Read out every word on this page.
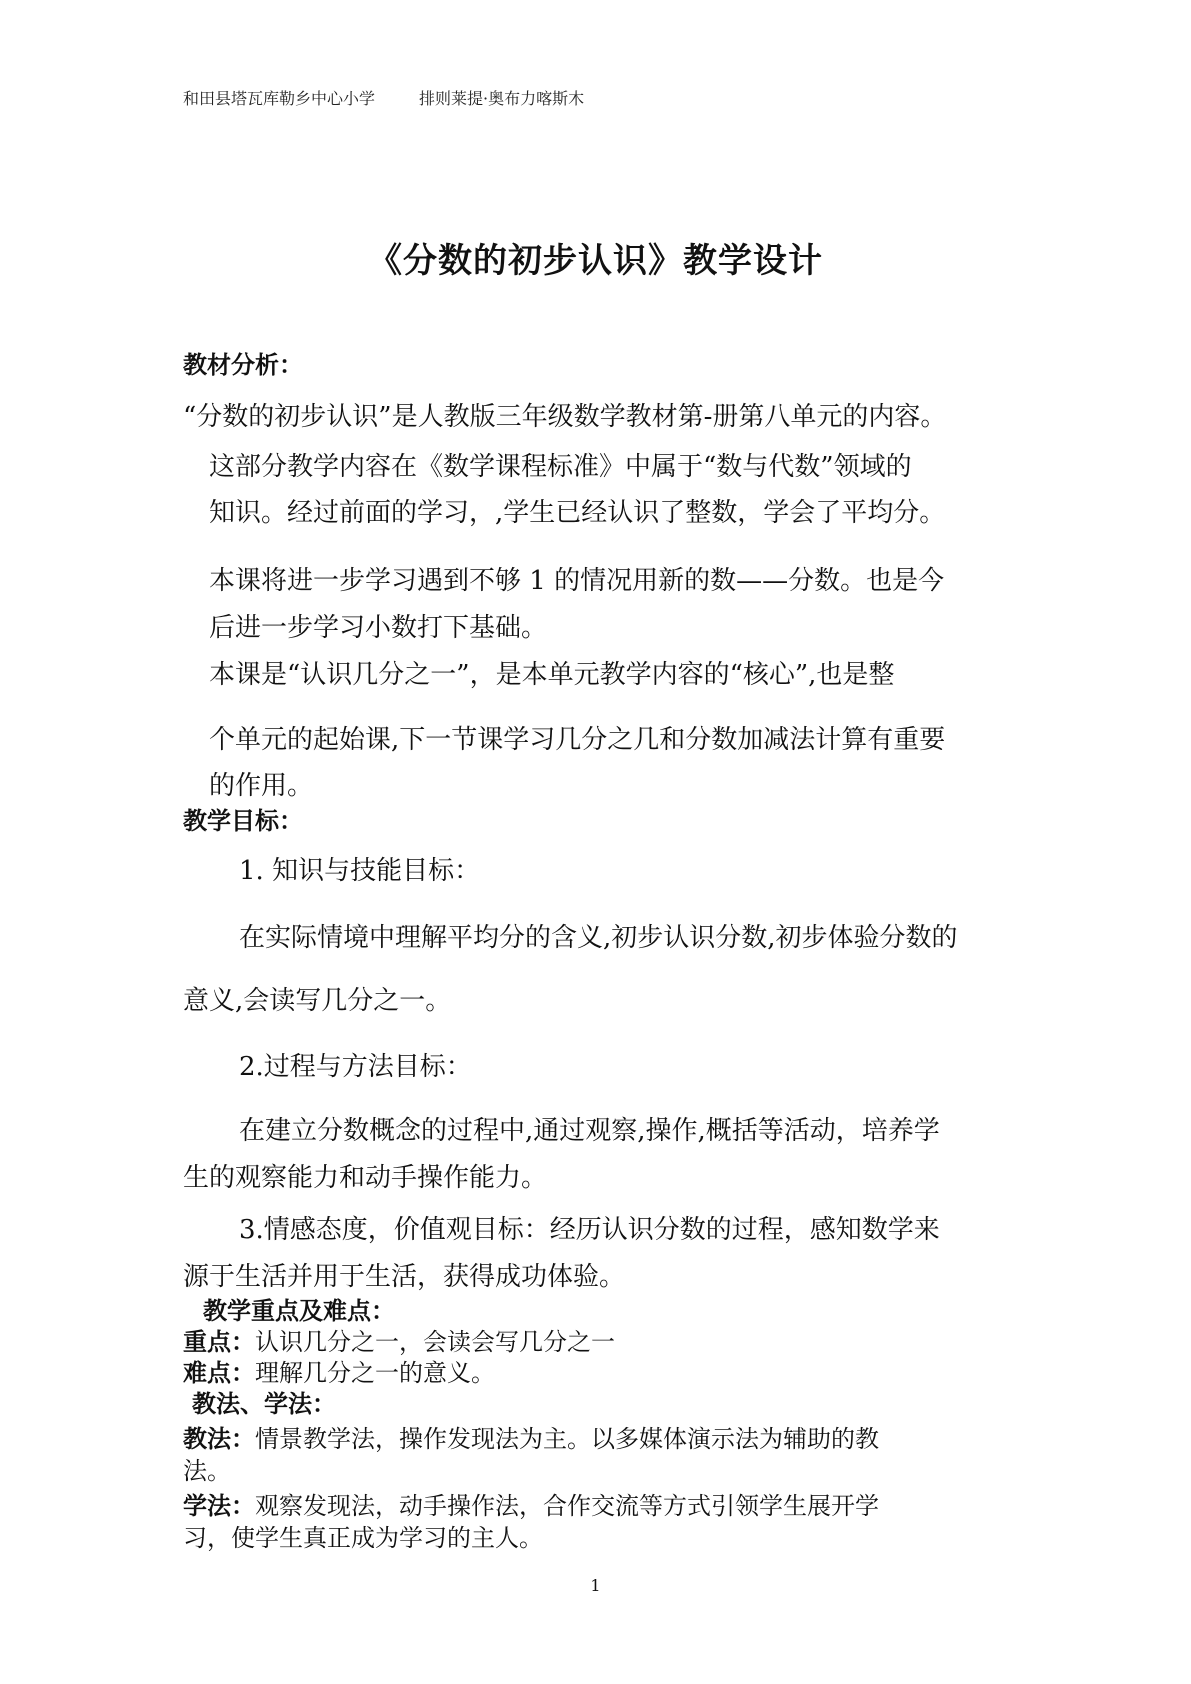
和田县塔瓦库勒乡中心小学	排则莱提·奥布力喀斯木
《分数的初步认识》教学设计
教材分析：
“分数的初步认识”是人教版三年级数学教材第-册第八单元的内容。
这部分教学内容在《数学课程标准》中属于“数与代数”领域的
知识。经过前面的学习，,学生已经认识了整数，学会了平均分。
本课将进一步学习遇到不够 1 的情况用新的数——分数。也是今
后进一步学习小数打下基础。
本课是“认识几分之一”，是本单元教学内容的“核心”,也是整
个单元的起始课,下一节课学习几分之几和分数加减法计算有重要
的作用。
教学目标：
1. 知识与技能目标：
在实际情境中理解平均分的含义,初步认识分数,初步体验分数的
意义,会读写几分之一。
2.过程与方法目标：
在建立分数概念的过程中,通过观察,操作,概括等活动，培养学
生的观察能力和动手操作能力。
3.情感态度，价值观目标：经历认识分数的过程，感知数学来
源于生活并用于生活，获得成功体验。
教学重点及难点：
重点：认识几分之一，会读会写几分之一
难点：理解几分之一的意义。
教法、学法：
教法：情景教学法，操作发现法为主。以多媒体演示法为辅助的教
法。
学法：观察发现法，动手操作法，合作交流等方式引领学生展开学
习，使学生真正成为学习的主人。
1
